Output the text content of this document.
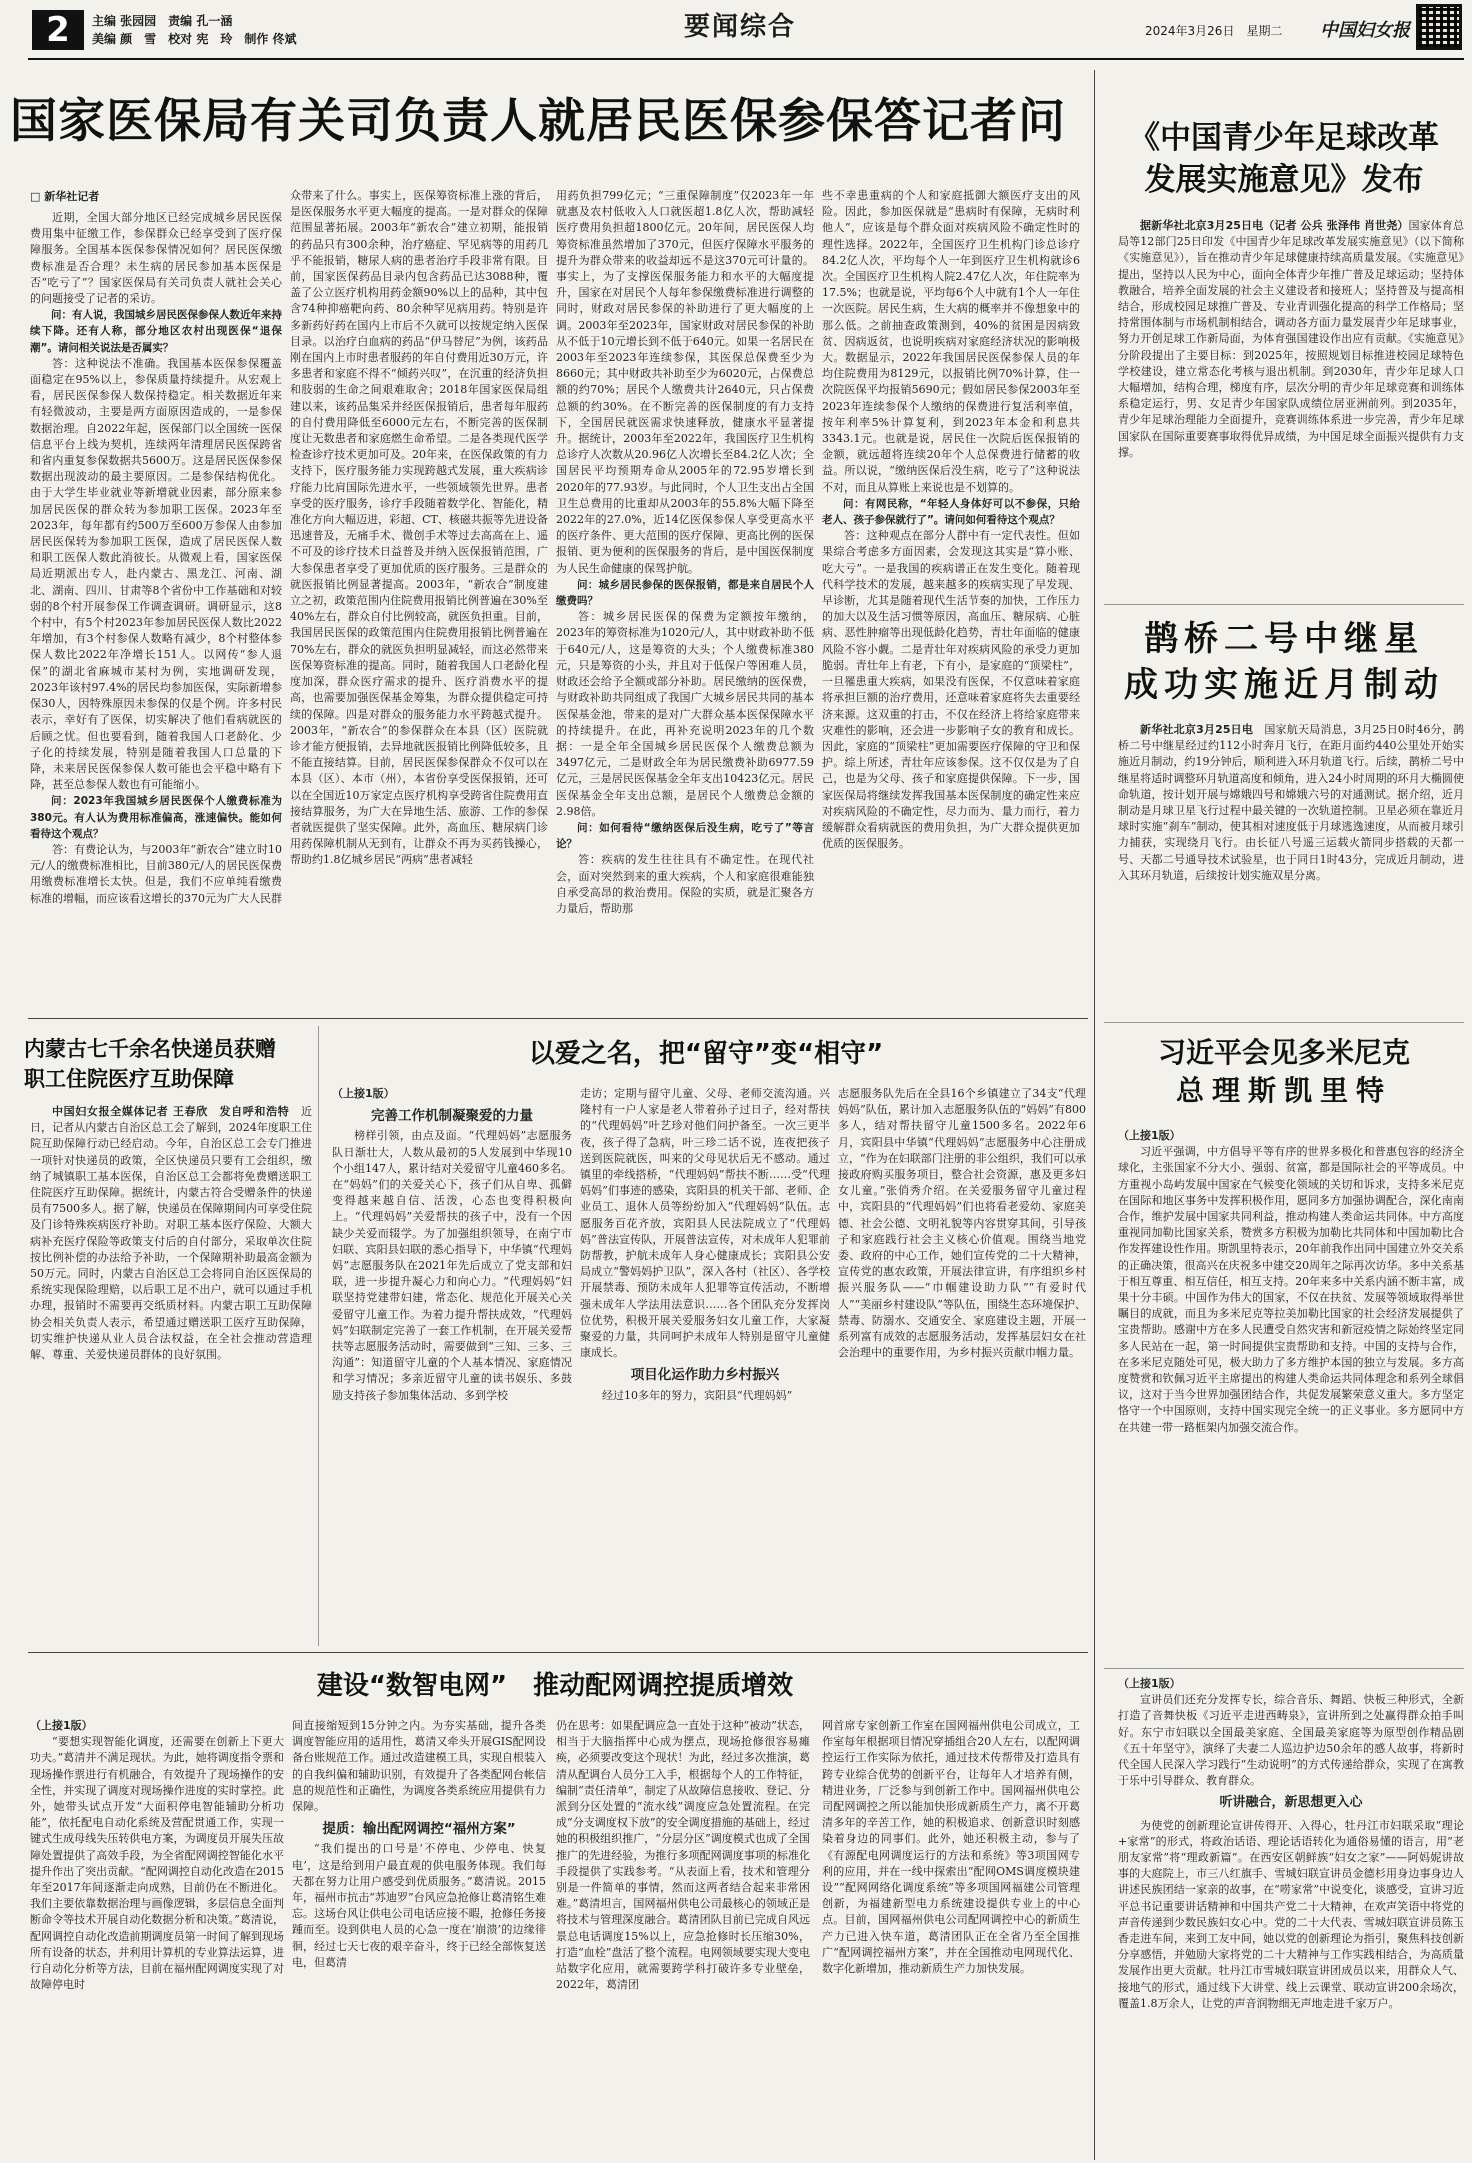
2	主编 张园园　责编 孔一涵
美编 颜　雪　校对 宪　玲　制作 佟斌	要闻综合	2024年3月26日　星期二 中国妇女报
国家医保局有关司负责人就居民医保参保答记者问
□ 新华社记者

近期，全国大部分地区已经完成城乡居民医保费用集中征缴工作，参保群众已经享受到了医疗保障服务。全国基本医保参保情况如何？居民医保缴费标准是否合理？未生病的居民参加基本医保是否“吃亏了”？国家医保局有关司负责人就社会关心的问题接受了记者的采访。

问：有人说，我国城乡居民医保参保人数近年来持续下降。还有人称，部分地区农村出现医保“退保潮”。请问相关说法是否属实？

答：这种说法不准确。我国基本医保参保覆盖面稳定在95%以上，参保质量持续提升。从宏观上看，居民医保参保人数保持稳定。相关数据近年来有轻微波动，主要是两方面原因造成的，一是参保数据治理。自2022年起，医保部门以全国统一医保信息平台上线为契机，连续两年清理居民医保跨省和省内重复参保数据共5600万。这是居民医保参保数据出现波动的最主要原因。二是参保结构优化。由于大学生毕业就业等新增就业因素，部分原来参加居民医保的群众转为参加职工医保。2023年至2023年，每年都有约500万至600万参保人由参加居民医保转为参加职工医保，造成了居民医保人数和职工医保人数此消彼长。从微观上看，国家医保局近期派出专人，赴内蒙古、黑龙江、河南、湖北、湖南、四川、甘肃等8个省份中工作基础和对较弱的8个村开展参保工作调查调研。调研显示，这8个村中，有5个村2023年参加居民医保人数比2022年增加，有3个村参保人数略有减少，8个村整体参保人数比2022年净增长151人。以网传“参人退保”的湖北省麻城市某村为例，实地调研发现，2023年该村97.4%的居民均参加医保，实际新增参保30人，因特殊原因未参保的仅是个例。许多村民表示，幸好有了医保，切实解决了他们看病就医的后顾之忧。但也要看到，随着我国人口老龄化、少子化的持续发展，特别是随着我国人口总量的下降，未来居民医保参保人数可能也会平稳中略有下降，甚至总参保人数也有可能缩小。

问：2023年我国城乡居民医保个人缴费标准为380元。有人认为费用标准偏高，涨速偏快。能如何看待这个观点？

答：有费论认为，与2003年“新农合”建立时10元/人的缴费标准相比，目前380元/人的居民医保费用缴费标准增长太快。但是，我们不应单纯看缴费标准的增幅，而应该看这增长的370元为广大人民群

众带来了什么。事实上，医保筹资标准上涨的背后，是医保服务水平更大幅度的提高。一是对群众的保障范围显著拓展。2003年“新农合”建立初期，能报销的药品只有300余种，治疗癌症、罕见病等的用药几乎不能报销，糖尿人病的患者治疗手段非常有限。目前，国家医保药品目录内包含药品已达3088种，覆盖了公立医疗机构用药金额90%以上的品种，其中包含74种抑癌靶向药、80余种罕见病用药。特别是许多新药好药在国内上市后不久就可以按规定纳入医保目录。以治疗白血病的药品“伊马替尼”为例，该药品刚在国内上市时患者服药的年自付费用近30万元，许多患者和家庭不得不“倾药兴叹”，在沉重的经济负担和肢弱的生命之间艰难取舍；2018年国家医保局组建以来，该药品集采并经医保报销后，患者每年服药的自付费用降低至6000元左右，不断完善的医保制度让无数患者和家庭燃生命希望。二是各类现代医学检查诊疗技术更加可及。20年来，在医保政策的有力支持下，医疗服务能力实现跨越式发展，重大疾病诊疗能力比肩国际先进水平，一些领域领先世界。患者享受的医疗服务，诊疗手段随着数学化、智能化，精准化方向大幅迈进，彩超、CT、核磁共振等先进设备迅速普及，无痛手术、微创手术等过去高高在上、遥不可及的诊疗技术日益普及并纳入医保报销范围，广大参保患者享受了更加优质的医疗服务。三是群众的就医报销比例显著提高。2003年，“新农合”制度建立之初，政策范围内住院费用报销比例普遍在30%至40%左右，群众自付比例较高，就医负担重。目前，我国居民医保的政策范围内住院费用报销比例普遍在70%左右，群众的就医负担明显减轻，而这必然带来医保筹资标准的提高。同时，随着我国人口老龄化程度加深，群众医疗需求的提升、医疗消费水平的提高，也需要加强医保基金筹集，为群众提供稳定可持续的保障。四是对群众的服务能力水平跨越式提升。2003年，“新农合”的参保群众在本县（区）医院就诊才能方便报销，去异地就医报销比例降低较多，且不能直接结算。目前，居民医保参保群众不仅可以在本县（区）、本市（州），本省份享受医保报销，还可以在全国近10万家定点医疗机构享受跨省住院费用直接结算服务，为广大在异地生活、旅游、工作的参保者就医提供了坚实保障。此外，高血压、糖尿病门诊用药保障机制从无到有，让群众不再为买药钱操心，帮助约1.8亿城乡居民“两病”患者减轻

用药负担799亿元；“三重保障制度”仅2023年一年就惠及农村低收入人口就医超1.8亿人次，帮助减轻医疗费用负担超1800亿元。20年间，居民医保人均筹资标准虽然增加了370元，但医疗保障水平服务的提升为群众带来的收益却远不是这370元可计量的。事实上，为了支撑医保服务能力和水平的大幅度提升，国家在对居民个人每年参保缴费标准进行调整的同时，财政对居民参保的补助进行了更大幅度的上调。2003年至2023年，国家财政对居民参保的补助从不低于10元增长到不低于640元。如果一名居民在2003年至2023年连续参保，其医保总保费至少为8660元；其中财政共补助至少为6020元，占保费总额的约70%；居民个人缴费共计2640元，只占保费总额的约30%。在不断完善的医保制度的有力支持下，全国居民就医需求快速释放，健康水平显著提升。据统计，2003年至2022年，我国医疗卫生机构总诊疗人次数从20.96亿人次增长至84.2亿人次；全国居民平均预期寿命从2005年的72.95岁增长到2020年的77.93岁。与此同时，个人卫生支出占全国卫生总费用的比重却从2003年的55.8%大幅下降至2022年的27.0%，近14亿医保参保人享受更高水平的医疗条件、更大范围的医疗保障、更高比例的医保报销、更为便利的医保服务的背后，是中国医保制度为人民生命健康的保驾护航。

问：城乡居民参保的医保报销，都是来自居民个人缴费吗？

答：城乡居民医保的保费为定额按年缴纳，2023年的筹资标准为1020元/人，其中财政补助不低于640元/人，这是筹资的大头；个人缴费标准380元，只是筹资的小头，并且对于低保户等困难人员，财政还会给予全额或部分补助。居民缴纳的医保费，与财政补助共同组成了我国广大城乡居民共同的基本医保基金池，带来的是对广大群众基本医保保障水平的持续提升。在此，再补充说明2023年的几个数据：一是全年全国城乡居民医保个人缴费总额为3497亿元，二是财政全年为居民缴费补助6977.59亿元，三是居民医保基金全年支出10423亿元。居民医保基金全年支出总额，是居民个人缴费总金额的2.98倍。

问：如何看待“缴纳医保后没生病，吃亏了”等言论？

答：疾病的发生往往具有不确定性。在现代社会，面对突然到来的重大疾病，个人和家庭很难能独自承受高昂的救治费用。保险的实质，就是汇聚各方力量后，帮助那

些不幸患重病的个人和家庭抵御大额医疗支出的风险。因此，参加医保就是“患病时有保障，无病时利他人”，应该是每个群众面对疾病风险不确定性时的理性选择。2022年，全国医疗卫生机构门诊总诊疗84.2亿人次，平均每个人一年到医疗卫生机构就诊6次。全国医疗卫生机构人院2.47亿人次，年住院率为17.5%；也就是说，平均每6个人中就有1个人一年住一次医院。居民生病，生大病的概率并不像想象中的那么低。之前抽查政策测到，40%的贫困是因病致贫、因病返贫，也说明疾病对家庭经济状况的影响极大。数据显示，2022年我国居民医保参保人员的年均住院费用为8129元，以报销比例70%计算，住一次院医保平均报销5690元；假如居民参保2003年至2023年连续参保个人缴纳的保费进行复活利率值，按年利率5%计算复利，到2023年本金和利息共3343.1元。也就是说，居民住一次院后医保报销的金额，就远超将连续20年个人总保费进行储蓄的收益。所以说，“缴纳医保后没生病，吃亏了”这种说法不对，而且从算账上来说也是不划算的。

问：有网民称，“年轻人身体好可以不参保，只给老人、孩子参保就行了”。请问如何看待这个观点？

答：这种观点在部分人群中有一定代表性。但如果综合考虑多方面因素，会发现这其实是“算小账、吃大亏”。一是我国的疾病谱正在发生变化。随着现代科学技术的发展，越来越多的疾病实现了早发现、早诊断，尤其是随着现代生活节奏的加快，工作压力的加大以及生活习惯等原因，高血压、糖尿病、心脏病、恶性肿瘤等出现低龄化趋势，青壮年面临的健康风险不容小觑。二是青壮年对疾病风险的承受力更加脆弱。青壮年上有老，下有小，是家庭的“顶梁柱”，一旦罹患重大疾病，如果没有医保，不仅意味着家庭将承担巨额的治疗费用，还意味着家庭将失去重要经济来源。这双重的打击，不仅在经济上将给家庭带来灾难性的影响，还会进一步影响子女的教育和成长。因此，家庭的“顶梁柱”更加需要医疗保障的守卫和保护。综上所述，青壮年应该参保。这不仅仅是为了自己，也是为父母、孩子和家庭提供保障。下一步，国家医保局将继续发挥我国基本医保制度的确定性来应对疾病风险的不确定性，尽力而为、量力而行，着力缓解群众看病就医的费用负担，为广大群众提供更加优质的医保服务。

《中国青少年足球改革
发展实施意见》发布

据新华社北京3月25日电（记者 公兵 张泽伟 肖世尧）国家体育总局等12部门25日印发《中国青少年足球改革发展实施意见》（以下简称《实施意见》），旨在推动青少年足球健康持续高质量发展。《实施意见》提出，坚持以人民为中心，面向全体青少年推广普及足球运动；坚持体教融合，培养全面发展的社会主义建设者和接班人；坚持普及与提高相结合，形成校园足球推广普及、专业青训强化提高的科学工作格局；坚持常围体制与市场机制相结合，调动各方面力量发展青少年足球事业，努力开创足球工作新局面，为体育强国建设作出应有贡献。《实施意见》分阶段提出了主要目标：到2025年，按照规划目标推进校园足球特色学校建设，建立常态化考核与退出机制。到2030年，青少年足球人口大幅增加，结构合理，梯度有序，层次分明的青少年足球竞赛和训练体系稳定运行，男、女足青少年国家队成绩位居亚洲前列。到2035年，青少年足球治理能力全面提升，竞赛训练体系进一步完善，青少年足球国家队在国际重要赛事取得优异成绩，为中国足球全面振兴提供有力支撑。

鹊桥二号中继星
成功实施近月制动

新华社北京3月25日电　 国家航天局消息，3月25日0时46分，鹊桥二号中继星经过约112小时奔月飞行，在距月面约440公里处开始实施近月制动，约19分钟后，顺利进入环月轨道飞行。后续，鹊桥二号中继星将适时调整环月轨道高度和倾角，进入24小时周期的环月大椭圆使命轨道，按计划开展与嫦娥四号和嫦娥六号的对通测试。据介绍，近月制动是月球卫星飞行过程中最关键的一次轨道控制。卫星必须在靠近月球时实施“刹车”制动，使其相对速度低于月球逃逸速度，从而被月球引力捕获，实现绕月飞行。由长征八号遥三运载火箭同步搭载的天都一号、天都二号通导技术试验星，也于同日1时43分，完成近月制动，进入其环月轨道，后续按计划实施双星分离。

习近平会见多米尼克
总理斯凯里特
（上接1版）

习近平强调，中方倡导平等有序的世界多极化和普惠包容的经济全球化，主张国家不分大小、强弱、贫富，都是国际社会的平等成员。中方重视小岛屿发展中国家在气候变化领域的关切和诉求，支持多米尼克在国际和地区事务中发挥积极作用，愿同多方加强协调配合，深化南南合作，维护发展中国家共同利益，推动构建人类命运共同体。中方高度重视同加勒比国家关系，赞赏多方积极为加勒比共同体和中国加勒比合作发挥建设性作用。斯凯里特表示，20年前我作出同中国建立外交关系的正确决策，很高兴在庆祝多中建交20周年之际再次访华。多中关系基于相互尊重、相互信任，相互支持。20年来多中关系内涵不断丰富，成果十分丰硕。中国作为伟大的国家，不仅在扶贫、发展等领域取得举世瞩目的成就，而且为多米尼克等拉美加勒比国家的社会经济发展提供了宝贵帮助。感谢中方在多人民遭受自然灾害和新冠疫情之际始终坚定同多人民站在一起，第一时间提供宝贵帮助和支持。中国的支持与合作，在多米尼克随处可见，极大助力了多方维护本国的独立与发展。多方高度赞赏和钦佩习近平主席提出的构建人类命运共同体理念和系列全球倡议，这对于当今世界加强团结合作，共促发展繁荣意义重大。多方坚定恪守一个中国原则，支持中国实现完全统一的正义事业。多方愿同中方在共建一带一路框架内加强交流合作。

（上接1版）

宣讲员们还充分发挥专长，综合音乐、舞蹈、快板三种形式，全新打造了音舞快板《习近平走进西畴泉》，宣讲所到之处赢得群众拍手叫好。东宁市妇联以全国最美家庭、全国最美家庭等为原型创作精品剧《五十年坚守》，演绎了夫妻二人巡边护边50余年的感人故事，将新时代全国人民深入学习践行“生动说明”的方式传递给群众，实现了在寓教于乐中引导群众、教育群众。

听讲融合，新思想更入心

为使党的创新理论宣讲传得开、入得心，牡丹江市妇联采取“理论+家常”的形式，将政治话语、理论话语转化为通俗易懂的语言，用“老朋友家常”将“理政新篇”。在西安区朝鲜族“妇女之家”——阿妈妮讲故事的大庭院上，市三八红旗手、雪城妇联宣讲员金德杉用身边事身边人讲述民族团结一家亲的故事，在“唠家常”中说变化，谈感受，宣讲习近平总书记重要讲话精神和中国共产党二十大精神，在欢声笑语中将党的声音传递到少数民族妇女心中。党的二十大代表、雪城妇联宣讲员陈玉香走进车间，来到工友中间，她以党的创新理论为指引，聚焦科技创新分享感悟，并勉励大家将党的二十大精神与工作实践相结合，为高质量发展作出更大贡献。牡丹江市雪城妇联宣讲团成员以来，用群众人气、接地气的形式，通过线下大讲堂、线上云课堂、联动宣讲200余场次，覆盖1.8万余人，让党的声音润物细无声地走进千家万户。

内蒙古七千余名快递员获赠
职工住院医疗互助保障

中国妇女报全媒体记者 王春欣　发自呼和浩特　 近日，记者从内蒙古自治区总工会了解到，2024年度职工住院互助保障行动已经启动。今年，自治区总工会专门推进一项针对快递员的政策，全区快递员只要有工会组织，缴纳了城镇职工基本医保，自治区总工会都将免费赠送职工住院医疗互助保障。据统计，内蒙古符合受赠条件的快递员有7500多人。据了解，快递员在保障期间内可享受住院及门诊特殊疾病医疗补助。对职工基本医疗保险、大额大病补充医疗保险等政策支付后的自付部分，采取单次住院按比例补偿的办法给予补助，一个保障期补助最高金额为50万元。同时，内蒙古自治区总工会将同自治区医保局的系统实现保险理赔，以后职工足不出户，就可以通过手机办理，报销时不需要再交纸质材料。内蒙古职工互助保障协会相关负责人表示，希望通过赠送职工医疗互助保障，切实维护快递从业人员合法权益，在全社会推动营造理解、尊重、关爱快递员群体的良好氛围。

以爱之名，把“留守”变“相守”
（上接1版）
完善工作机制凝聚爱的力量

榜样引领，由点及面。“代理妈妈”志愿服务队日渐壮大，人数从最初的5人发展到中华现10个小组147人，累计结对关爱留守儿童460多名。在“妈妈”们的关爱关心下，孩子们从自卑、孤僻变得越来越自信、活泼，心态也变得积极向上。“代理妈妈”关爱帮扶的孩子中，没有一个因缺少关爱而辍学。为了加强组织领导，在南宁市妇联、宾阳县妇联的悉心指导下，中华镇“代理妈妈”志愿服务队在2021年先后成立了党支部和妇联，进一步提升凝心力和向心力。“代理妈妈”妇联坚持党建带妇建，常态化、规范化开展关心关爱留守儿童工作。为着力提升帮扶成效，“代理妈妈”妇联制定完善了一套工作机制，在开展关爱帮扶等志愿服务活动时，需要做到“三知、三多、三沟通”：知道留守儿童的个人基本情况、家庭情况和学习情况；多亲近留守儿童的读书娱乐、多鼓励支持孩子参加集体活动、多到学校

走访；定期与留守儿童、父母、老师交流沟通。兴隆村有一户人家是老人带着孙子过日子，经对帮扶的“代理妈妈”叶艺珍对他们问护备至。一次三更半夜，孩子得了急病，叶三珍二话不说，连夜把孩子送到医院就医，叫来的父母见状后无不感动。通过镇里的牵线搭桥，“代理妈妈”帮扶不断……受“代理妈妈”们事迹的感染，宾阳县的机关干部、老师、企业员工、退休人员等纷纷加入“代理妈妈”队伍。志愿服务百花齐放，宾阳县人民法院成立了“代理妈妈”普法宣传队，开展普法宣传，对未成年人犯罪前防帮教，护航未成年人身心健康成长；宾阳县公安局成立“警妈妈护卫队”，深入各村（社区）、各学校开展禁毒、预防未成年人犯罪等宣传活动，不断增强未成年人学法用法意识……各个团队充分发挥岗位优势，积极开展关爱服务妇女儿童工作，大家凝聚爱的力量，共同呵护未成年人特别是留守儿童健康成长。

项目化运作助力乡村振兴

经过10多年的努力，宾阳县“代理妈妈”

志愿服务队先后在全县16个乡镇建立了34支“代理妈妈”队伍，累计加入志愿服务队伍的“妈妈”有800多人，结对帮扶留守儿童1500多名。2022年6月，宾阳县中华镇“代理妈妈”志愿服务中心注册成立，“作为在妇联部门注册的非公组织，我们可以承接政府购买服务项目，整合社会资源，惠及更多妇女儿童。”张俏秀介绍。在关爱服务留守儿童过程中，宾阳县的“代理妈妈”们也将看老爱幼、家庭美德、社会公德、文明礼貌等内容贯穿其间，引导孩子和家庭践行社会主义核心价值观。围绕当地党委、政府的中心工作，她们宣传党的二十大精神，宣传党的惠农政策，开展法律宣讲，有序组织乡村振兴服务队——“巾帼建设助力队”“有爱时代人”“美丽乡村建设队”等队伍，围绕生态环境保护、禁毒、防溺水、交通安全、家庭建设主题，开展一系列富有成效的志愿服务活动，发挥基层妇女在社会治理中的重要作用，为乡村振兴贡献巾帼力量。

建设“数智电网”　推动配网调控提质增效
（上接1版）

“要想实现智能化调度，还需要在创新上下更大功夫。”葛清并不满足现状。为此，她将调度指令票和现场操作票进行有机融合，有效提升了现场操作的安全性，并实现了调度对现场操作进度的实时掌控。此外，她带头试点开发“大面积停电智能辅助分析功能”，依托配电自动化系统及营配贯通工作，实现一键式生成母线失压转供电方案，为调度员开展失压故障处置提供了高效手段，为全省配网调控智能化水平提升作出了突出贡献。“配网调控自动化改造在2015年至2017年间逐渐走向成熟，目前仍在不断进化。我们主要依靠数据治理与画像逻辑，多层信息全面判断命令等技术开展自动化数据分析和决策。”葛清说，配网调控自动化改造前期调度员第一时间了解到现场所有设备的状态，并利用计算机的专业算法运算，进行自动化分析等方法，目前在福州配网调度实现了对故障停电时

间直接缩短到15分钟之内。为夯实基础，提升各类调度智能应用的适用性，葛清又牵头开展GIS配网设备台账规范工作。通过改造建模工具，实现自根装入的自我纠偏和辅助识别，有效提升了各类配网台帐信息的规范性和正确性，为调度各类系统应用提供有力保障。

提质：输出配网调控“福州方案”

“我们提出的口号是‘不停电、少停电、快复电’，这是给到用户最直观的供电服务体现。我们每天都在努力让用户感受到优质服务。”葛清说。2015年，福州市抗击“苏迪罗”台风应急抢修让葛清铭生难忘。这场台风让供电公司电话应接不暇，抢修任务接踵而至。设到供电人员的心急一度在‘崩溃’的边缘徘徊，经过七天七夜的艰辛奋斗，终于已经全部恢复送电，但葛清

仍在思考：如果配调应急一直处于这种“被动”状态，相当于大脑指挥中心成为摆点，现场抢修很容易瘫痪，必须要改变这个现状！为此，经过多次推演，葛清从配调台人员分工入手，根据每个人的工作特征，编制“责任清单”，制定了从故障信息接收、登记、分派到分区处置的“流水线”调度应急处置流程。在完成“分支调度权下放”的安全调度措施的基础上，经过她的积极组织推广，“分层分区”调度模式也成了全国推广的先进经验，为推行多项配网调度事项的标准化手段提供了实践参考。“从表面上看，技术和管理分别是一件简单的事情，然而这两者结合起来非常困难。”葛清坦言，国网福州供电公司最核心的领域正是将技术与管理深度融合。葛清团队目前已完成自风远景总电话调度15%以上，应急抢修时长压缩30%，打造“血栓”盘活了整个流程。电网领域要实现大变电站数字化应用，就需要跨学科打破许多专业壁垒，2022年，葛清团

网首席专家创新工作室在国网福州供电公司成立，工作室每年根据项目情况穿插组合20人左右，以配网调控运行工作实际为依托，通过技术传帮带及打造具有跨专业综合优势的创新平台，让每年人才培养有侧，精进业务，厂泛参与到创新工作中。国网福州供电公司配网调控之所以能加快形成新质生产力，离不开葛清多年的辛苦工作，她的积极追求、创新意识时刻感染着身边的同事们。此外，她还积极主动，参与了《有源配电网调度运行的方法和系统》等3项国网专利的应用，并在一线中探索出“配网OMS调度模块建设”“配网网络化调度系统”等多项国网福建公司管理创新，为福建新型电力系统建设提供专业上的中心点。目前，国网福州供电公司配网调控中心的新质生产力已进入快车道，葛清团队正在全省乃至全国推广“配网调控福州方案”，并在全国推动电网现代化、数字化新增加，推动新质生产力加快发展。
